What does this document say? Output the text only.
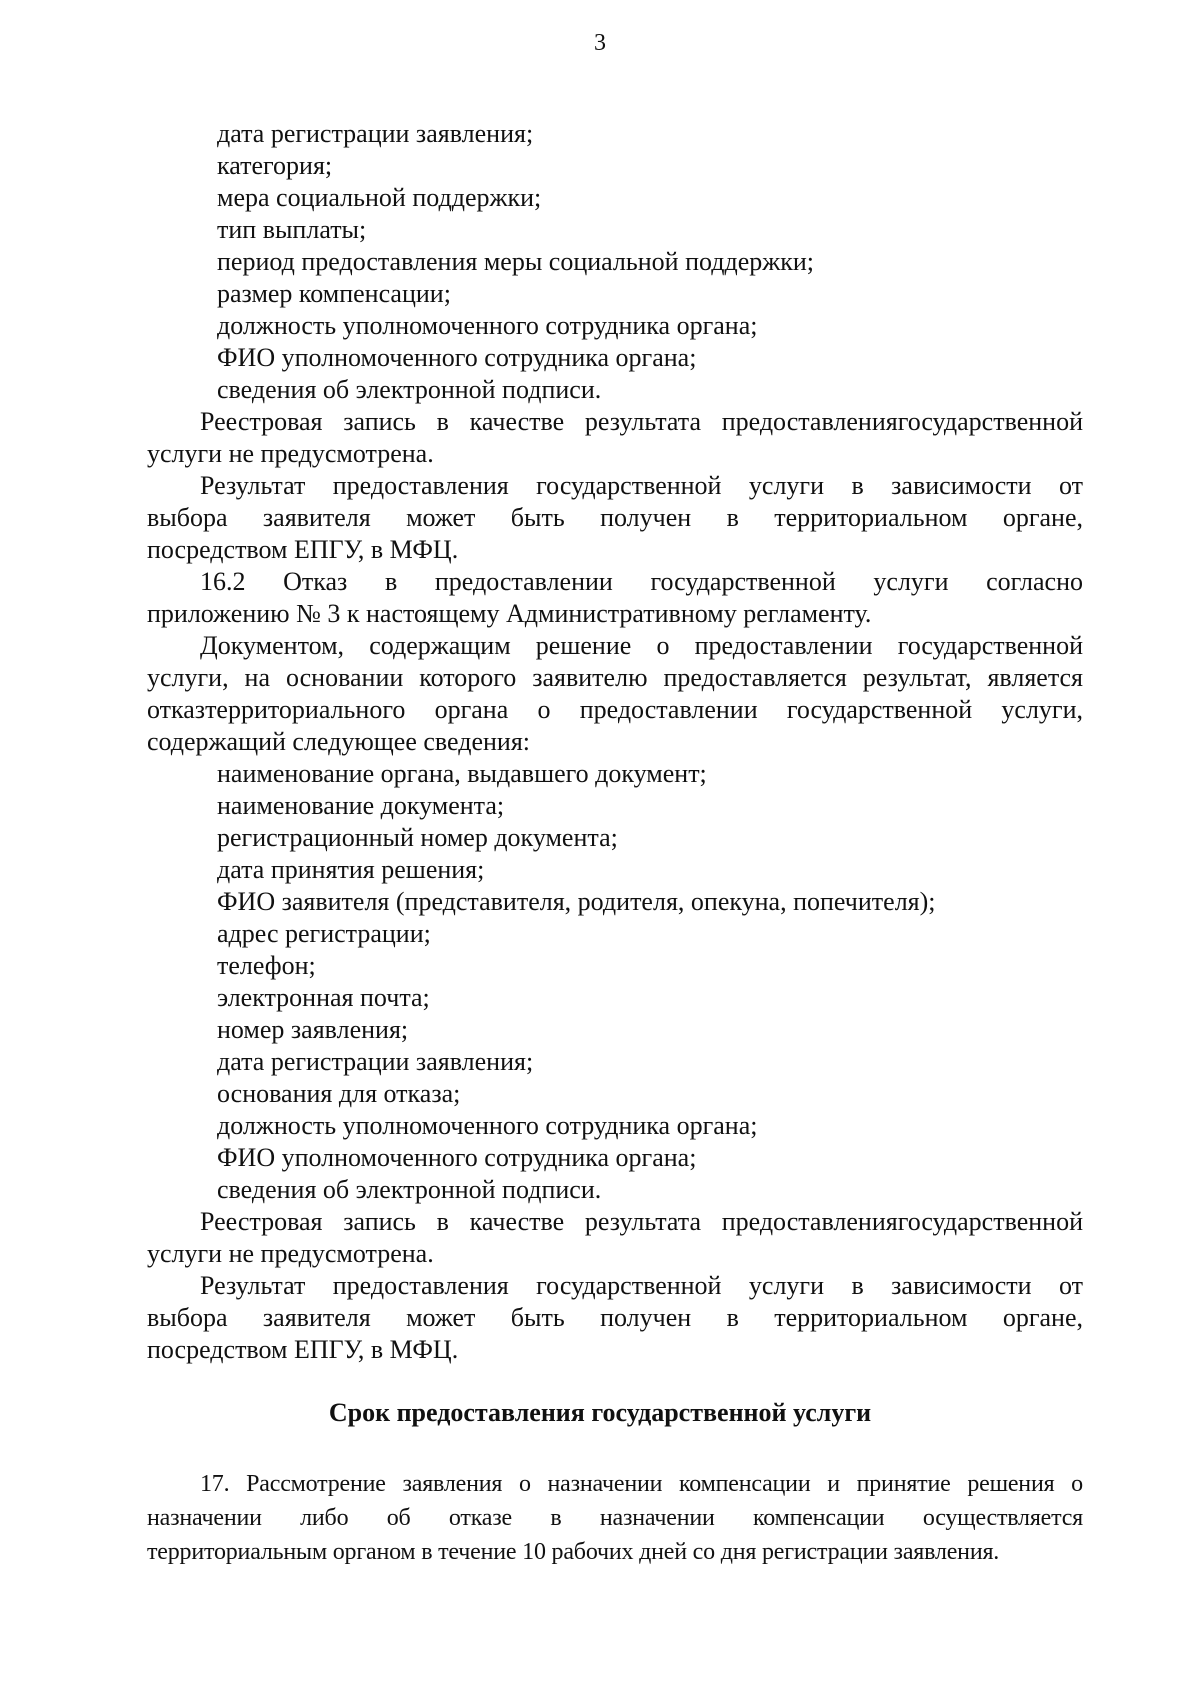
3
дата регистрации заявления;
категория;
мера социальной поддержки;
тип выплаты;
период предоставления меры социальной поддержки;
размер компенсации;
должность уполномоченного сотрудника органа;
ФИО уполномоченного сотрудника органа;
сведения об электронной подписи.
Реестровая запись в качестве результата предоставлениягосударственной
услуги не предусмотрена.
Результат предоставления государственной услуги в зависимости от
выбора заявителя может быть получен в территориальном органе,
посредством ЕПГУ, в МФЦ.
16.2 Отказ в предоставлении государственной услуги согласно
приложению № 3 к настоящему Административному регламенту.
Документом, содержащим решение о предоставлении государственной
услуги, на основании которого заявителю предоставляется результат, является
отказтерриториального органа о предоставлении государственной услуги,
содержащий следующее сведения:
наименование органа, выдавшего документ;
наименование документа;
регистрационный номер документа;
дата принятия решения;
ФИО заявителя (представителя, родителя, опекуна, попечителя);
адрес регистрации;
телефон;
электронная почта;
номер заявления;
дата регистрации заявления;
основания для отказа;
должность уполномоченного сотрудника органа;
ФИО уполномоченного сотрудника органа;
сведения об электронной подписи.
Реестровая запись в качестве результата предоставлениягосударственной
услуги не предусмотрена.
Результат предоставления государственной услуги в зависимости от
выбора заявителя может быть получен в территориальном органе,
посредством ЕПГУ, в МФЦ.
Срок предоставления государственной услуги
17. Рассмотрение заявления о назначении компенсации и принятие решения о
назначении либо об отказе в назначении компенсации осуществляется
территориальным органом в течение 10 рабочих дней со дня регистрации заявления.
